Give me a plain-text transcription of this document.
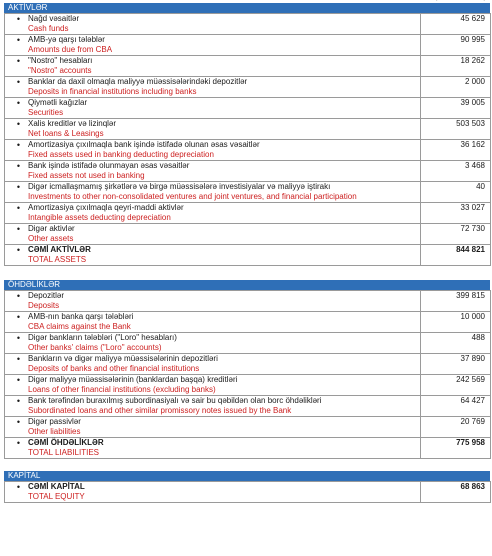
AKTİVLƏR
• Nağd vəsaitlər
Cash funds	45 629

• AMB-yə qarşı tələblər
Amounts due from CBA	90 995

• "Nostro" hesabları
"Nostro" accounts	18 262

• Banklar da daxil olmaqla maliyyə müəssisələrindəki depozitlər
Deposits in financial institutions including banks	2 000

• Qiymətli kağızlar
Securities	39 005

• Xalis kreditlər və lizinqlər
Net loans & Leasings	503 503

• Amortizasiya çıxılmaqla bank işində istifadə olunan əsas vəsaitlər
Fixed assets used in banking deducting depreciation	36 162

• Bank işində istifadə olunmayan əsas vəsaitlər
Fixed assets not used in banking	3 468

• Digər icmallaşmamış şirkətlərə və birgə müəssisələrə investisiyalar və maliyyə iştirakı
Investments to other non-consolidated ventures and joint ventures, and financial participation	40

• Amortizasiya çıxılmaqla qeyri-maddi aktivlər
Intangible assets deducting depreciation	33 027

• Digər aktivlər
Other assets	72 730

• CƏMİ AKTİVLƏR
TOTAL ASSETS	844 821
ÖHDƏLİKLƏR
• Depozitlər
Deposits	399 815

• AMB-nın banka qarşı tələbləri
CBA claims against the Bank	10 000

• Digər bankların tələbləri ("Loro" hesabları)
Other banks' claims ("Loro" accounts)	488

• Bankların və digər maliyyə müəssisələrinin depozitləri
Deposits of banks and other financial institutions	37 890

• Digər maliyyə müəssisələrinin (banklardan başqa) kreditləri
Loans of other financial institutions (excluding banks)	242 569

• Bank tərəfindən buraxılmış subordinasiyalı və sair bu qəbildən olan borc öhdəlikləri
Subordinated loans and other similar promissory notes issued by the Bank	64 427

• Digər passivlər
Other liabilities	20 769

• CƏMİ ÖHDƏLİKLƏR
TOTAL LIABILITIES	775 958
KAPİTAL
• CƏMİ KAPİTAL
TOTAL EQUITY
	68 863
